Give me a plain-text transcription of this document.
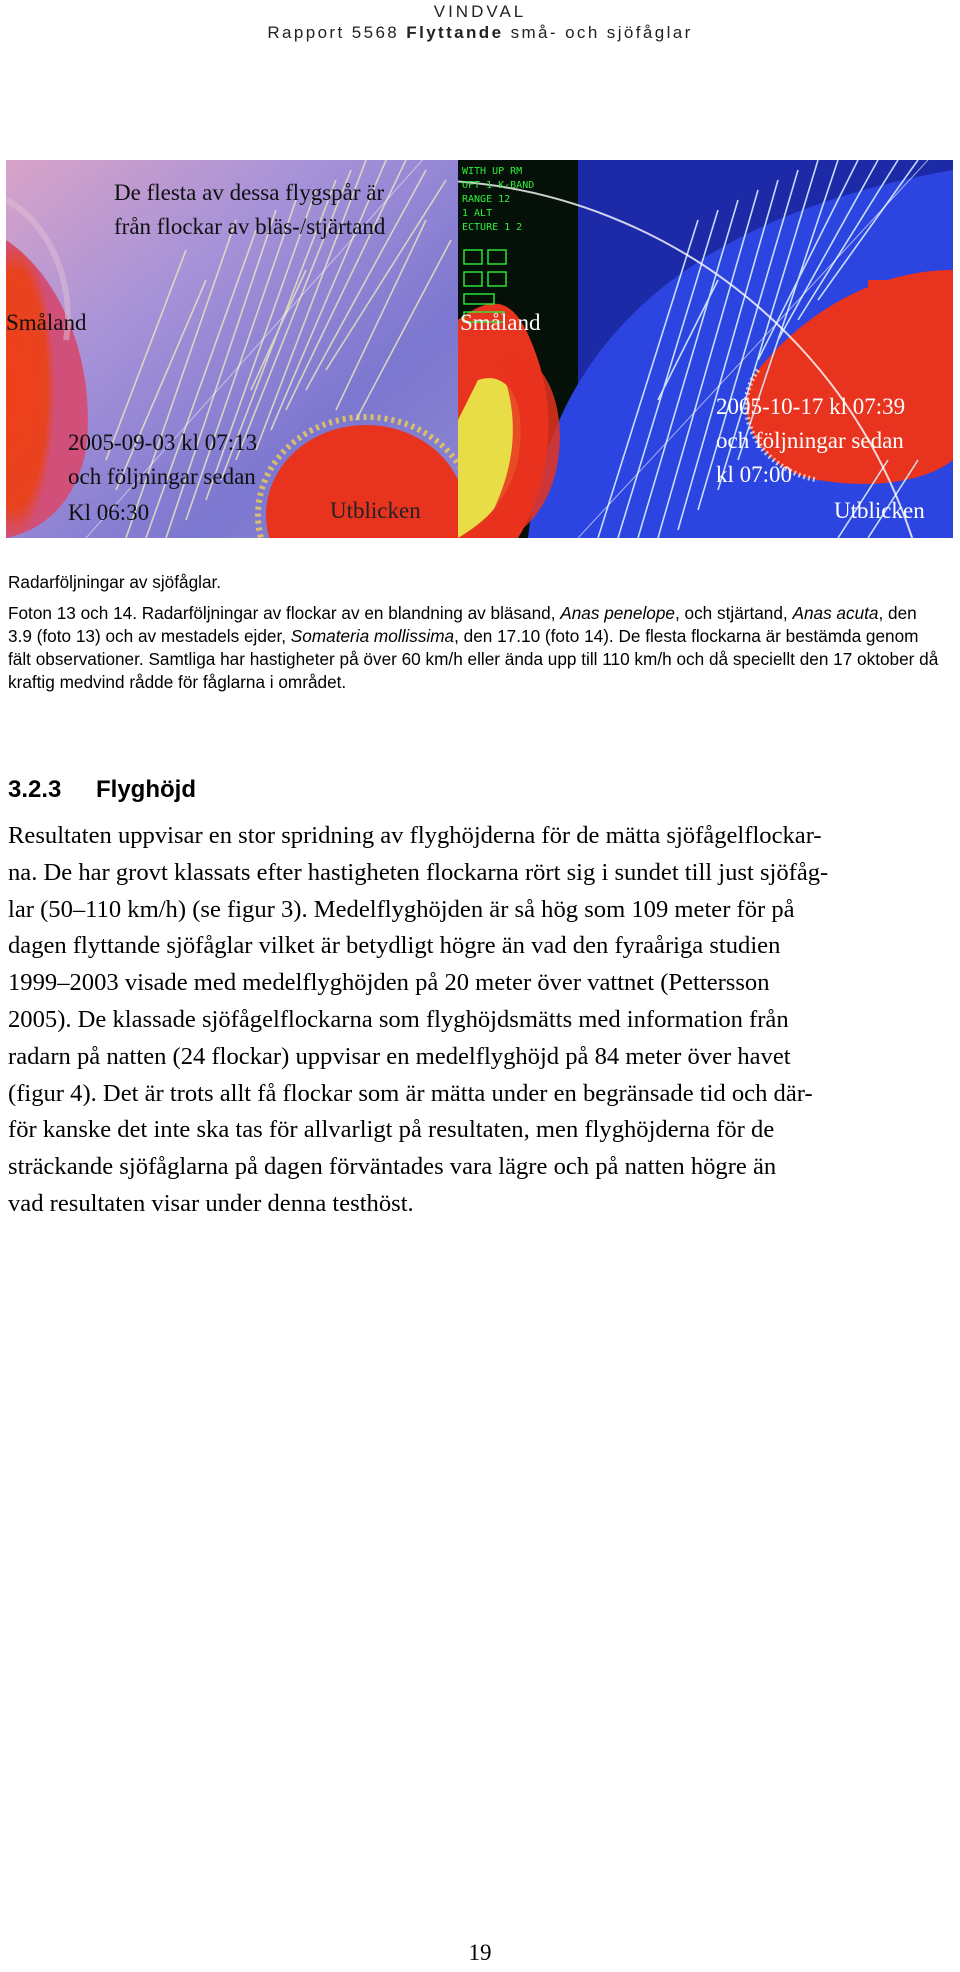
VINDVAL
Rapport 5568 Flyttande små- och sjöfåglar
De flesta av dessa flygspår är
från flockar av bläs-/stjärtand
Småland
2005-09-03 kl 07:13
och följningar sedan
Kl 06:30	Utblicken
WITH UP RM
OFT 1 K-BAND
RANGE 12
1 ALT
ECTURE 1 2
Småland
2005-10-17 kl 07:39
och följningar sedan
kl 07:00
Utblicken
Radarföljningar av sjöfåglar.
Foton 13 och 14. Radarföljningar av flockar av en blandning av bläsand, Anas penelope, och stjärtand, Anas acuta, den 3.9 (foto 13) och av mestadels ejder, Somateria mollissima, den 17.10 (foto 14). De flesta flockarna är bestämda genom fält observationer. Samtliga har hastigheter på över 60 km/h eller ända upp till 110 km/h och då speciellt den 17 oktober då kraftig medvind rådde för fåglarna i området.
3.2.3 Flyghöjd
Resultaten uppvisar en stor spridning av flyghöjderna för de mätta sjöfågelflockar-
na. De har grovt klassats efter hastigheten flockarna rört sig i sundet till just sjöfåg-
lar (50–110 km/h) (se figur 3). Medelflyghöjden är så hög som 109 meter för på
dagen flyttande sjöfåglar vilket är betydligt högre än vad den fyraåriga studien
1999–2003 visade med medelflyghöjden på 20 meter över vattnet (Pettersson
2005). De klassade sjöfågelflockarna som flyghöjdsmätts med information från
radarn på natten (24 flockar) uppvisar en medelflyghöjd på 84 meter över havet
(figur 4). Det är trots allt få flockar som är mätta under en begränsade tid och där-
för kanske det inte ska tas för allvarligt på resultaten, men flyghöjderna för de
sträckande sjöfåglarna på dagen förväntades vara lägre och på natten högre än
vad resultaten visar under denna testhöst.
19
